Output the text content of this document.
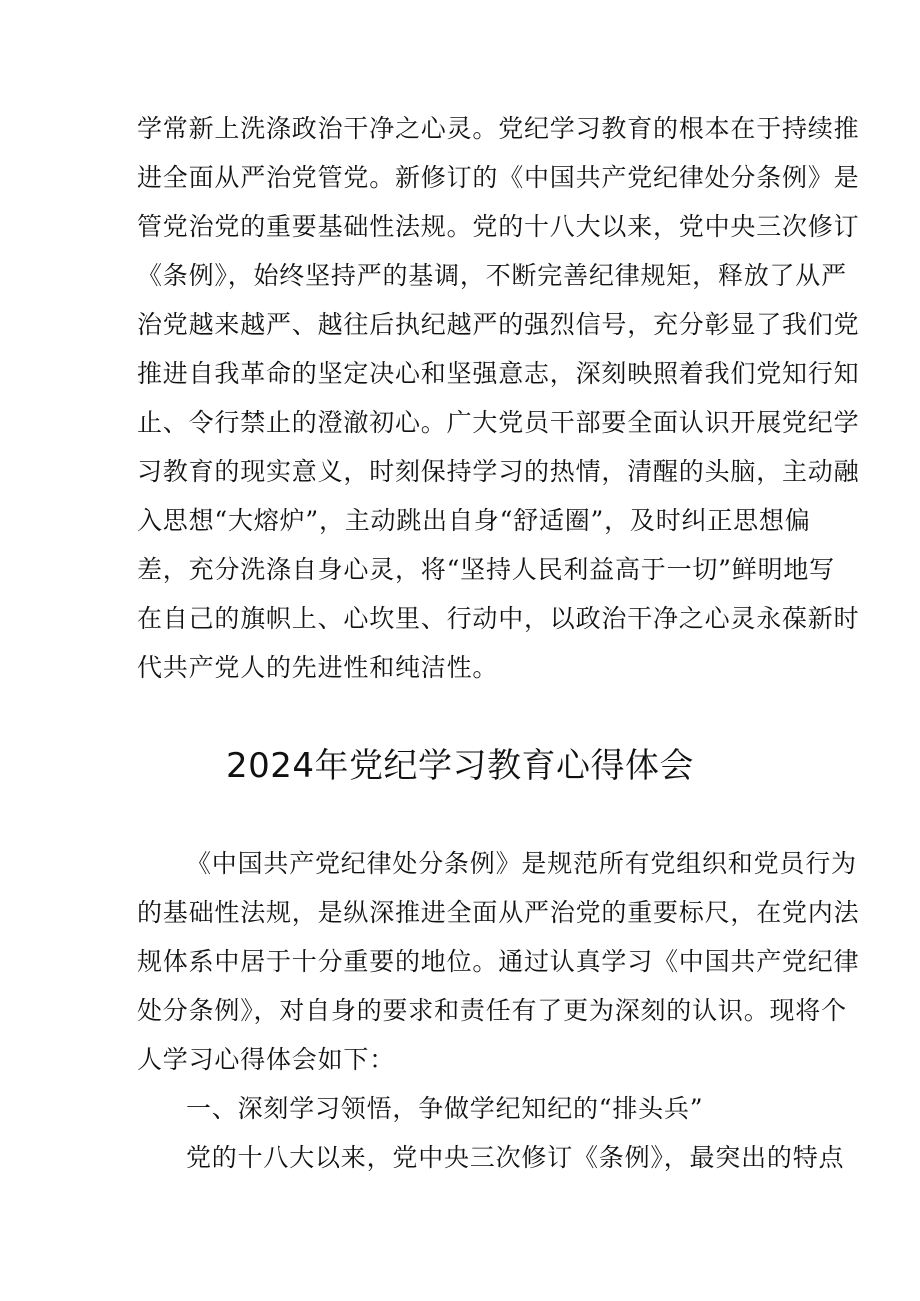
学常新上洗涤政治干净之心灵。党纪学习教育的根本在于持续推
进全面从严治党管党。新修订的《中国共产党纪律处分条例》是
管党治党的重要基础性法规。党的十八大以来，党中央三次修订
《条例》，始终坚持严的基调，不断完善纪律规矩，释放了从严
治党越来越严、越往后执纪越严的强烈信号，充分彰显了我们党
推进自我革命的坚定决心和坚强意志，深刻映照着我们党知行知
止、令行禁止的澄澈初心。广大党员干部要全面认识开展党纪学
习教育的现实意义，时刻保持学习的热情，清醒的头脑，主动融
入思想“大熔炉”，主动跳出自身“舒适圈”，及时纠正思想偏
差，充分洗涤自身心灵，将“坚持人民利益高于一切”鲜明地写
在自己的旗帜上、心坎里、行动中，以政治干净之心灵永葆新时
代共产党人的先进性和纯洁性。
2024年党纪学习教育心得体会
《中国共产党纪律处分条例》是规范所有党组织和党员行为
的基础性法规，是纵深推进全面从严治党的重要标尺，在党内法
规体系中居于十分重要的地位。通过认真学习《中国共产党纪律
处分条例》，对自身的要求和责任有了更为深刻的认识。现将个
人学习心得体会如下：
一、深刻学习领悟，争做学纪知纪的“排头兵”
党的十八大以来，党中央三次修订《条例》，最突出的特点
